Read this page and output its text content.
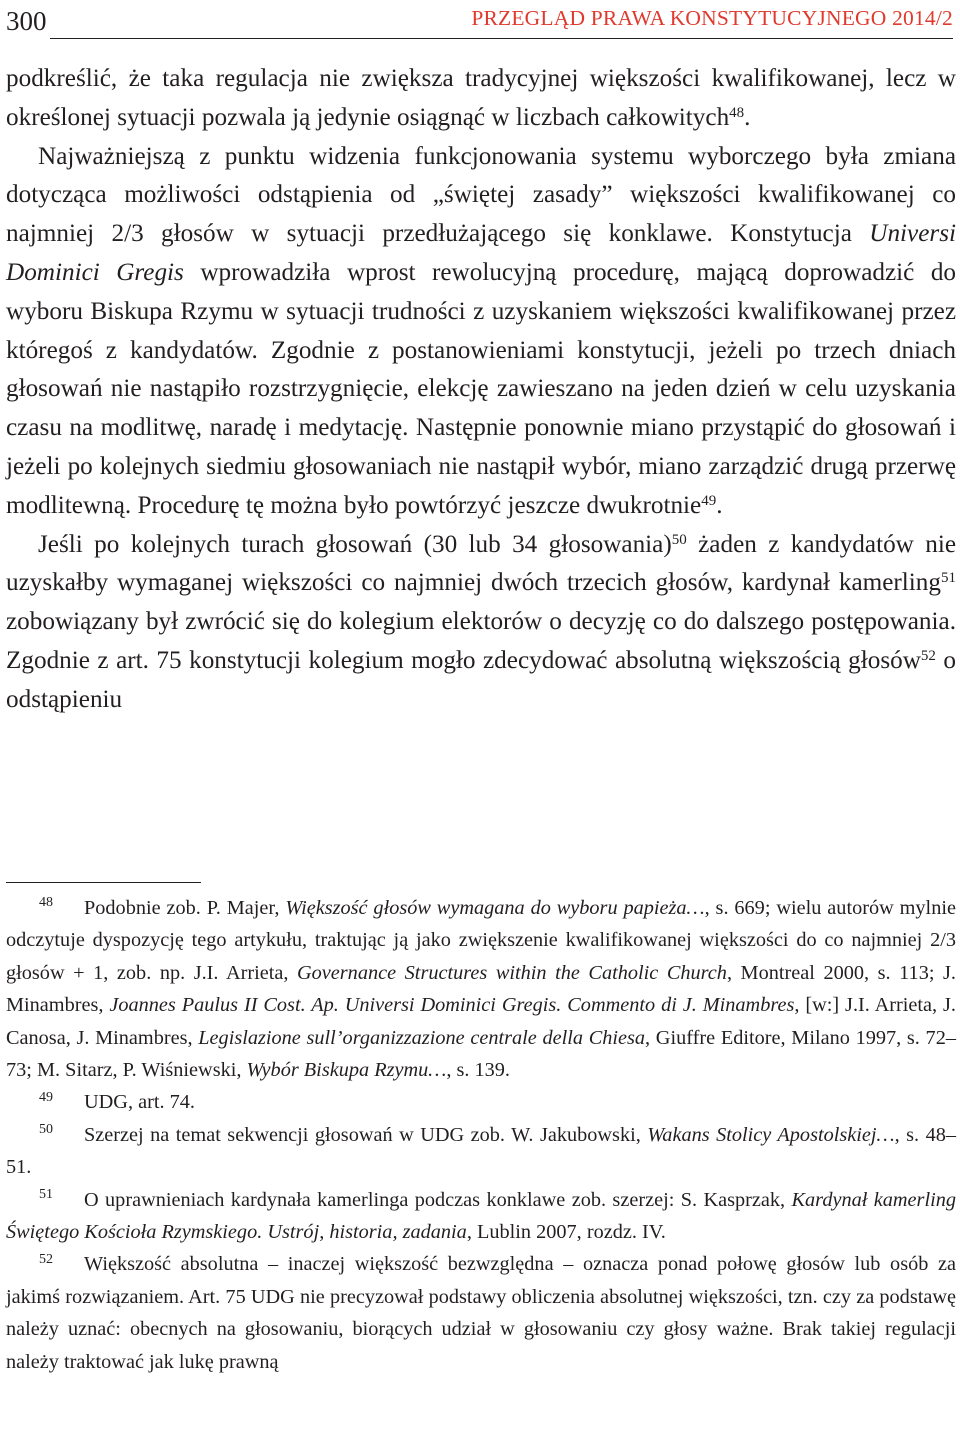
300	PRZEGLĄD PRAWA KONSTYTUCYJNEGO 2014/2

podkreślić, że taka regulacja nie zwiększa tradycyjnej większości kwalifikowanej, lecz w określonej sytuacji pozwala ją jedynie osiągnąć w liczbach całkowitych$^{48}$.

Najważniejszą z punktu widzenia funkcjonowania systemu wyborczego była zmiana dotycząca możliwości odstąpienia od „świętej zasady” większości kwalifikowanej co najmniej 2/3 głosów w sytuacji przedłużającego się konklawe. Konstytucja Universi Dominici Gregis wprowadziła wprost rewolucyjną procedurę, mającą doprowadzić do wyboru Biskupa Rzymu w sytuacji trudności z uzyskaniem większości kwalifikowanej przez któregoś z kandydatów. Zgodnie z postanowieniami konstytucji, jeżeli po trzech dniach głosowań nie nastąpiło rozstrzygnięcie, elekcję zawieszano na jeden dzień w celu uzyskania czasu na modlitwę, naradę i medytację. Następnie ponownie miano przystąpić do głosowań i jeżeli po kolejnych siedmiu głosowaniach nie nastąpił wybór, miano zarządzić drugą przerwę modlitewną. Procedurę tę można było powtórzyć jeszcze dwukrotnie$^{49}$.

Jeśli po kolejnych turach głosowań (30 lub 34 głosowania)$^{50}$ żaden z kandydatów nie uzyskałby wymaganej większości co najmniej dwóch trzecich głosów, kardynał kamerling$^{51}$ zobowiązany był zwrócić się do kolegium elektorów o decyzję co do dalszego postępowania. Zgodnie z art. 75 konstytucji kolegium mogło zdecydować absolutną większością głosów$^{52}$ o odstąpieniu

48 Podobnie zob. P. Majer, Większość głosów wymagana do wyboru papieża…, s. 669; wielu autorów mylnie odczytuje dyspozycję tego artykułu, traktując ją jako zwiększenie kwalifikowanej większości do co najmniej 2/3 głosów + 1, zob. np. J.I. Arrieta, Governance Structures within the Catholic Church, Montreal 2000, s. 113; J. Minambres, Joannes Paulus II Cost. Ap. Universi Dominici Gregis. Commento di J. Minambres, [w:] J.I. Arrieta, J. Canosa, J. Minambres, Legislazione sull’organizzazione centrale della Chiesa, Giuffre Editore, Milano 1997, s. 72–73; M. Sitarz, P. Wiśniewski, Wybór Biskupa Rzymu…, s. 139.

49 UDG, art. 74.

50 Szerzej na temat sekwencji głosowań w UDG zob. W. Jakubowski, Wakans Stolicy Apostolskiej…, s. 48–51.

51 O uprawnieniach kardynała kamerlinga podczas konklawe zob. szerzej: S. Kasprzak, Kardynał kamerling Świętego Kościoła Rzymskiego. Ustrój, historia, zadania, Lublin 2007, rozdz. IV.

52 Większość absolutna – inaczej większość bezwzględna – oznacza ponad połowę głosów lub osób za jakimś rozwiązaniem. Art. 75 UDG nie precyzował podstawy obliczenia absolutnej większości, tzn. czy za podstawę należy uznać: obecnych na głosowaniu, biorących udział w głosowaniu czy głosy ważne. Brak takiej regulacji należy traktować jak lukę prawną
